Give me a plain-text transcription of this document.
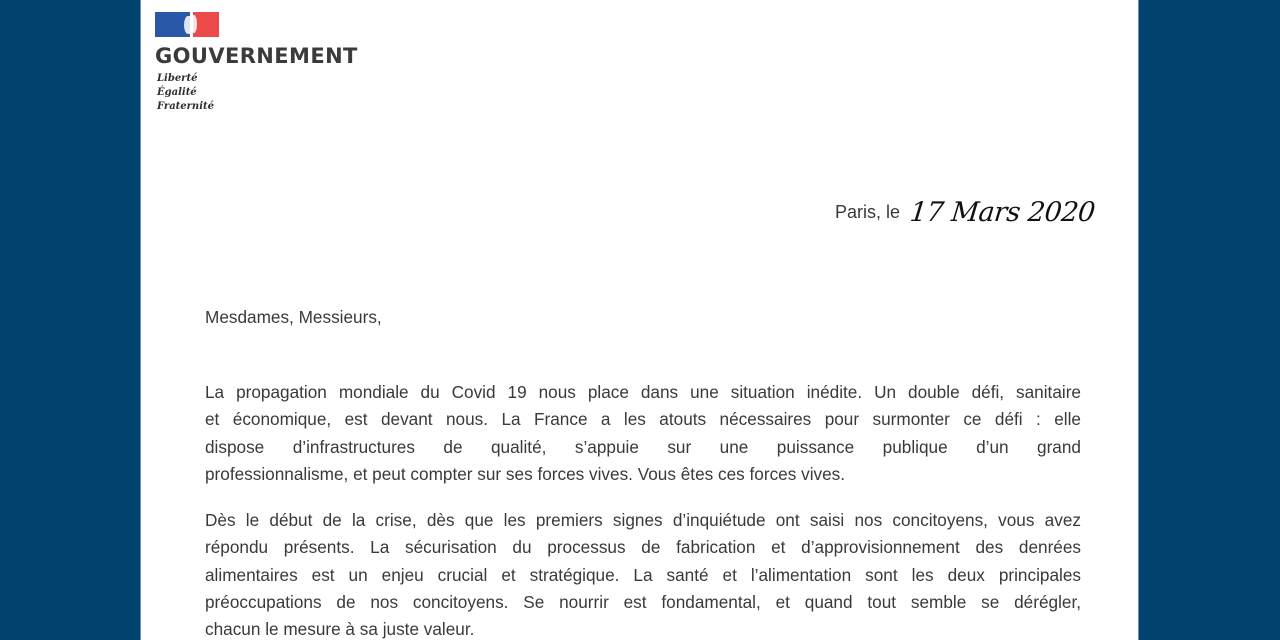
GOUVERNEMENT
Liberté
Égalité
Fraternité
Paris, le 17 Mars 2020
Mesdames, Messieurs,
La propagation mondiale du Covid 19 nous place dans une situation inédite. Un double défi, sanitaire
et économique, est devant nous. La France a les atouts nécessaires pour surmonter ce défi : elle
dispose d’infrastructures de qualité, s’appuie sur une puissance publique d’un grand
professionnalisme, et peut compter sur ses forces vives. Vous êtes ces forces vives.
Dès le début de la crise, dès que les premiers signes d’inquiétude ont saisi nos concitoyens, vous avez
répondu présents. La sécurisation du processus de fabrication et d’approvisionnement des denrées
alimentaires est un enjeu crucial et stratégique. La santé et l’alimentation sont les deux principales
préoccupations de nos concitoyens. Se nourrir est fondamental, et quand tout semble se dérégler,
chacun le mesure à sa juste valeur.
